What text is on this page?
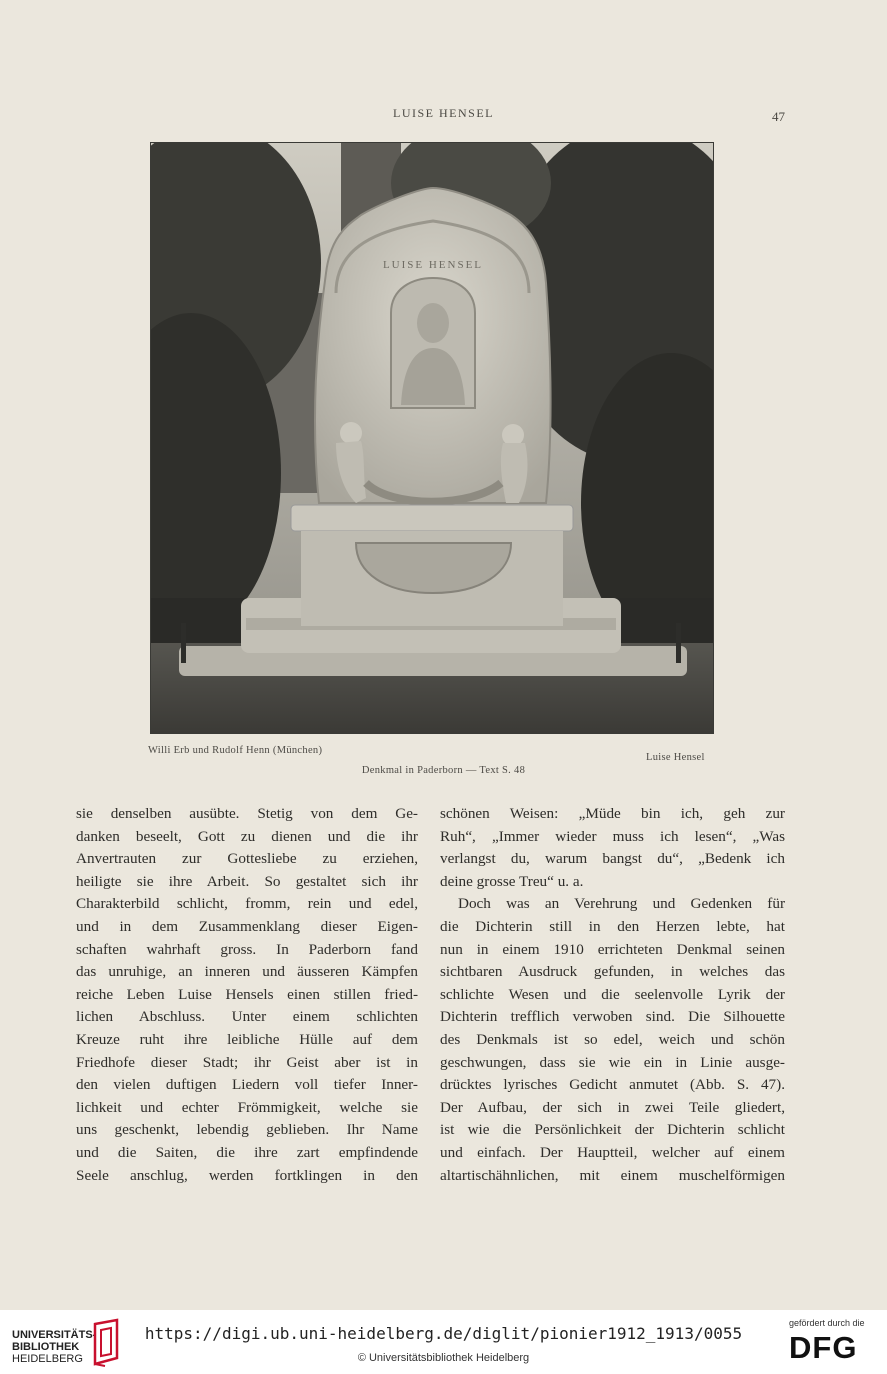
LUISE HENSEL	47
LUISE HENSEL
Willi Erb und Rudolf Henn (München)
Luise Hensel
Denkmal in Paderborn — Text S. 48
sie denselben ausübte. Stetig von dem Ge-
danken beseelt, Gott zu dienen und die ihr
Anvertrauten zur Gottesliebe zu erziehen,
heiligte sie ihre Arbeit. So gestaltet sich ihr
Charakterbild schlicht, fromm, rein und edel,
und in dem Zusammenklang dieser Eigen-
schaften wahrhaft gross. In Paderborn fand
das unruhige, an inneren und äusseren Kämpfen
reiche Leben Luise Hensels einen stillen fried-
lichen Abschluss. Unter einem schlichten
Kreuze ruht ihre leibliche Hülle auf dem
Friedhofe dieser Stadt; ihr Geist aber ist in
den vielen duftigen Liedern voll tiefer Inner-
lichkeit und echter Frömmigkeit, welche sie
uns geschenkt, lebendig geblieben. Ihr Name
und die Saiten, die ihre zart empfindende
Seele anschlug, werden fortklingen in den
schönen Weisen: „Müde bin ich, geh zur
Ruh“, „Immer wieder muss ich lesen“, „Was
verlangst du, warum bangst du“, „Bedenk ich
deine grosse Treu“ u. a.
Doch was an Verehrung und Gedenken für
die Dichterin still in den Herzen lebte, hat
nun in einem 1910 errichteten Denkmal seinen
sichtbaren Ausdruck gefunden, in welches das
schlichte Wesen und die seelenvolle Lyrik der
Dichterin trefflich verwoben sind. Die Silhouette
des Denkmals ist so edel, weich und schön
geschwungen, dass sie wie ein in Linie ausge-
drücktes lyrisches Gedicht anmutet (Abb. S. 47).
Der Aufbau, der sich in zwei Teile gliedert,
ist wie die Persönlichkeit der Dichterin schlicht
und einfach. Der Hauptteil, welcher auf einem
altartischähnlichen, mit einem muschelförmigen
UNIVERSITÄTS-
BIBLIOTHEK
HEIDELBERG
https://digi.ub.uni-heidelberg.de/diglit/pionier1912_1913/0055
© Universitätsbibliothek Heidelberg
gefördert durch die
DFG
